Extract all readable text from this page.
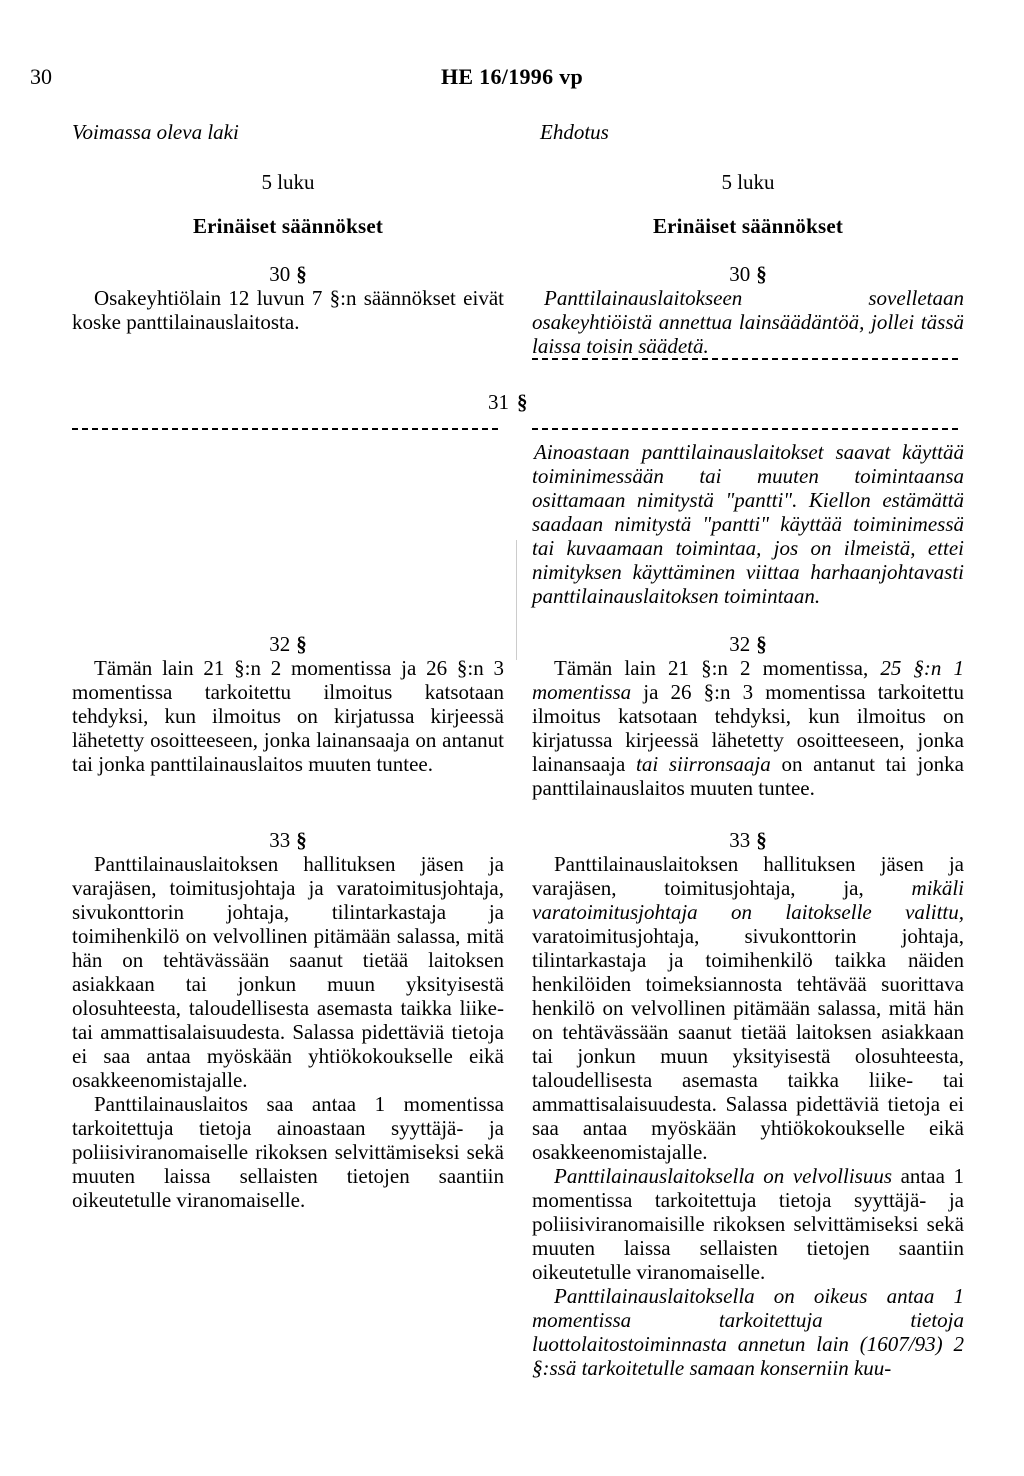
30	HE 16/1996 vp
Voimassa oleva laki	Ehdotus
5 luku
Erinäiset säännökset
5 luku
Erinäiset säännökset
30 §

Osakeyhtiölain 12 luvun 7 §:n säännökset eivät koske panttilainauslaitosta.

30 §

Panttilainauslaitokseen sovelletaan osakeyhtiöistä annettua lainsäädäntöä, jollei tässä laissa toisin säädetä.

31 §

Ainoastaan panttilainauslaitokset saavat käyttää toiminimessään tai muuten toimintaansa osittamaan nimitystä "pantti". Kiellon estämättä saadaan nimitystä "pantti" käyttää toiminimessä tai kuvaamaan toimintaa, jos on ilmeistä, ettei nimityksen käyttäminen viittaa harhaanjohtavasti panttilainauslaitoksen toimintaan.

32 §

Tämän lain 21 §:n 2 momentissa ja 26 §:n 3 momentissa tarkoitettu ilmoitus katsotaan tehdyksi, kun ilmoitus on kirjatussa kirjeessä lähetetty osoitteeseen, jonka lainansaaja on antanut tai jonka panttilainauslaitos muuten tuntee.

32 §

Tämän lain 21 §:n 2 momentissa, 25 §:n 1 momentissa ja 26 §:n 3 momentissa tarkoitettu ilmoitus katsotaan tehdyksi, kun ilmoitus on kirjatussa kirjeessä lähetetty osoitteeseen, jonka lainansaaja tai siirronsaaja on antanut tai jonka panttilainauslaitos muuten tuntee.

33 §

Panttilainauslaitoksen hallituksen jäsen ja varajäsen, toimitusjohtaja ja varatoimitusjohtaja, sivukonttorin johtaja, tilintarkastaja ja toimihenkilö on velvollinen pitämään salassa, mitä hän on tehtävässään saanut tietää laitoksen asiakkaan tai jonkun muun yksityisestä olosuhteesta, taloudellisesta asemasta taikka liike- tai ammattisalaisuudesta. Salassa pidettäviä tietoja ei saa antaa myöskään yhtiökokoukselle eikä osakkeenomistajalle.

Panttilainauslaitos saa antaa 1 momentissa tarkoitettuja tietoja ainoastaan syyttäjä- ja poliisiviranomaiselle rikoksen selvittämiseksi sekä muuten laissa sellaisten tietojen saantiin oikeutetulle viranomaiselle.

33 §

Panttilainauslaitoksen hallituksen jäsen ja varajäsen, toimitusjohtaja, ja, mikäli varatoimitusjohtaja on laitokselle valittu, varatoimitusjohtaja, sivukonttorin johtaja, tilintarkastaja ja toimihenkilö taikka näiden henkilöiden toimeksiannosta tehtävää suorittava henkilö on velvollinen pitämään salassa, mitä hän on tehtävässään saanut tietää laitoksen asiakkaan tai jonkun muun yksityisestä olosuhteesta, taloudellisesta asemasta taikka liike- tai ammattisalaisuudesta. Salassa pidettäviä tietoja ei saa antaa myöskään yhtiökokoukselle eikä osakkeenomistajalle.

Panttilainauslaitoksella on velvollisuus antaa 1 momentissa tarkoitettuja tietoja syyttäjä- ja poliisiviranomaisille rikoksen selvittämiseksi sekä muuten laissa sellaisten tietojen saantiin oikeutetulle viranomaiselle.

Panttilainauslaitoksella on oikeus antaa 1 momentissa tarkoitettuja tietoja luottolaitostoiminnasta annetun lain (1607/93) 2 §:ssä tarkoitetulle samaan konserniin kuu-
